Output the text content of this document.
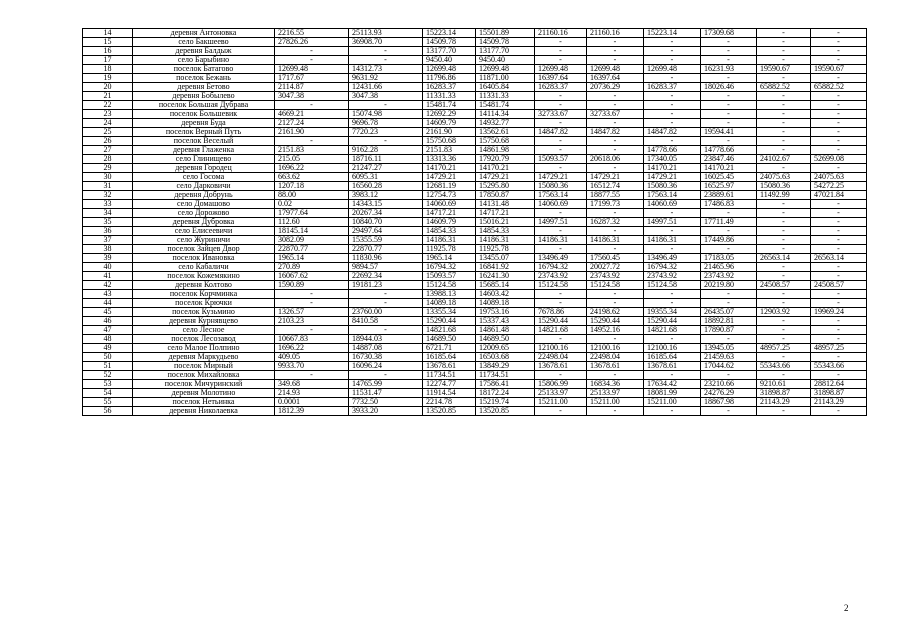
14	деревня Антоновка	2216.55	25113.93	15223.14	15501.89	21160.16	21160.16	15223.14	17309.68	-	-
15	село Бакшеево	27826.26	36908.70	14509.78	14509.78	-	-	-	-	-	-
16	деревня Балдыж	-	-	13177.70	13177.70	-	-	-	-	-	-
17	село Барыбино	-	-	9450.40	9450.40	-	-	-	-	-	-
18	поселок Батагово	12699.48	14312.73	12699.48	12699.48	12699.48	12699.48	12699.48	16231.93	19590.67	19590.67
19	поселок Бежань	1717.67	9631.92	11796.86	11871.00	16397.64	16397.64	-	-	-	-
20	деревня Бетово	2114.87	12431.66	16283.37	16405.84	16283.37	20736.29	16283.37	18026.46	65882.52	65882.52
21	деревня Бобылево	3047.38	3047.38	11331.33	11331.33	-	-	-	-	-	-
22	поселок Большая Дубрава	-	-	15481.74	15481.74	-	-	-	-	-	-
23	поселок Большевик	4669.21	15074.98	12692.29	14114.34	32733.67	32733.67	-	-	-	-
24	деревня Буда	2127.24	9696.78	14609.79	14932.77	-	-	-	-	-	-
25	поселок Верный Путь	2161.90	7720.23	2161.90	13562.61	14847.82	14847.82	14847.82	19594.41	-	-
26	поселок Веселый	-	-	15750.68	15750.68	-	-	-	-	-	-
27	деревня Глаженка	2151.83	9162.28	2151.83	14861.98	-	-	14778.66	14778.66	-	-
28	село Глинищево	215.05	18716.11	13313.36	17920.79	15093.57	20618.06	17340.05	23847.46	24102.67	52699.08
29	деревня Городец	1696.22	21247.27	14170.21	14170.21	-	-	14170.21	14170.21	-	-
30	село Госома	663.62	6095.31	14729.21	14729.21	14729.21	14729.21	14729.21	16025.45	24075.63	24075.63
31	село Дарковичи	1207.18	16560.28	12681.19	15295.80	15080.36	16512.74	15080.36	16525.97	15080.36	54272.25
32	деревня Добрунь	88.00	3983.12	12754.73	17850.87	17563.14	18877.55	17563.14	23889.61	11492.99	47021.84
33	село Домашово	0.02	14343.15	14060.69	14131.48	14060.69	17199.73	14060.69	17486.83	-	-
34	село Дорожово	17977.64	20267.34	14717.21	14717.21	-	-	-	-	-	-
35	деревня Дубровка	112.60	10840.70	14609.79	15016.21	14997.51	16287.32	14997.51	17711.49	-	-
36	село Елисеевичи	18145.14	29497.64	14854.33	14854.33	-	-	-	-	-	-
37	село Журиничи	3082.09	15355.59	14186.31	14186.31	14186.31	14186.31	14186.31	17449.86	-	-
38	поселок Зайцев Двор	22870.77	22870.77	11925.78	11925.78	-	-	-	-	-	-
39	поселок Ивановка	1965.14	11830.96	1965.14	13455.07	13496.49	17560.45	13496.49	17183.05	26563.14	26563.14
40	село Кабаличи	270.89	9894.57	16794.32	16841.92	16794.32	20027.72	16794.32	21465.96	-	-
41	поселок Кожемякино	16067.62	22692.34	15093.57	16241.30	23743.92	23743.92	23743.92	23743.92	-	-
42	деревня Колтово	1590.89	19181.23	15124.58	15685.14	15124.58	15124.58	15124.58	20219.80	24508.57	24508.57
43	поселок Корчминка	-	-	13988.13	14603.42	-	-	-	-	-	-
44	поселок Крючки	-	-	14089.18	14089.18	-	-	-	-	-	-
45	поселок Кузьмино	1326.57	23760.00	13355.34	19753.16	7678.86	24198.62	19355.34	26435.07	12903.92	19969.24
46	деревня Курнявцево	2103.23	8410.58	15290.44	15337.43	15290.44	15290.44	15290.44	18892.81	-	-
47	село Лесное	-	-	14821.68	14861.48	14821.68	14952.16	14821.68	17890.87	-	-
48	поселок Лесозавод	10667.83	18944.03	14689.50	14689.50	-	-	-	-	-	-
49	село Малое Полпино	1696.22	14887.08	6721.71	12009.65	12100.16	12100.16	12100.16	13945.05	48957.25	48957.25
50	деревня Маркудьево	409.05	16730.38	16185.64	16503.68	22498.04	22498.04	16185.64	21459.63	-	-
51	поселок Мирный	9933.70	16096.24	13678.61	13849.29	13678.61	13678.61	13678.61	17044.62	55343.66	55343.66
52	поселок Михайловка	-	-	11734.51	11734.51	-	-	-	-	-	-
53	поселок Мичуринский	349.68	14765.99	12274.77	17586.41	15806.99	16834.36	17634.42	23210.66	9210.61	28812.64
54	деревня Молотино	214.93	11531.47	11914.54	18172.24	25133.97	25133.97	18081.99	24276.29	31898.87	31898.87
55	поселок Нетьинка	0.0001	7732.50	2214.78	15219.74	15211.00	15211.00	15211.00	18867.98	21143.29	21143.29
56	деревня Николаевка	1812.39	3933.20	13520.85	13520.85	-	-	-	-	-	-
2
